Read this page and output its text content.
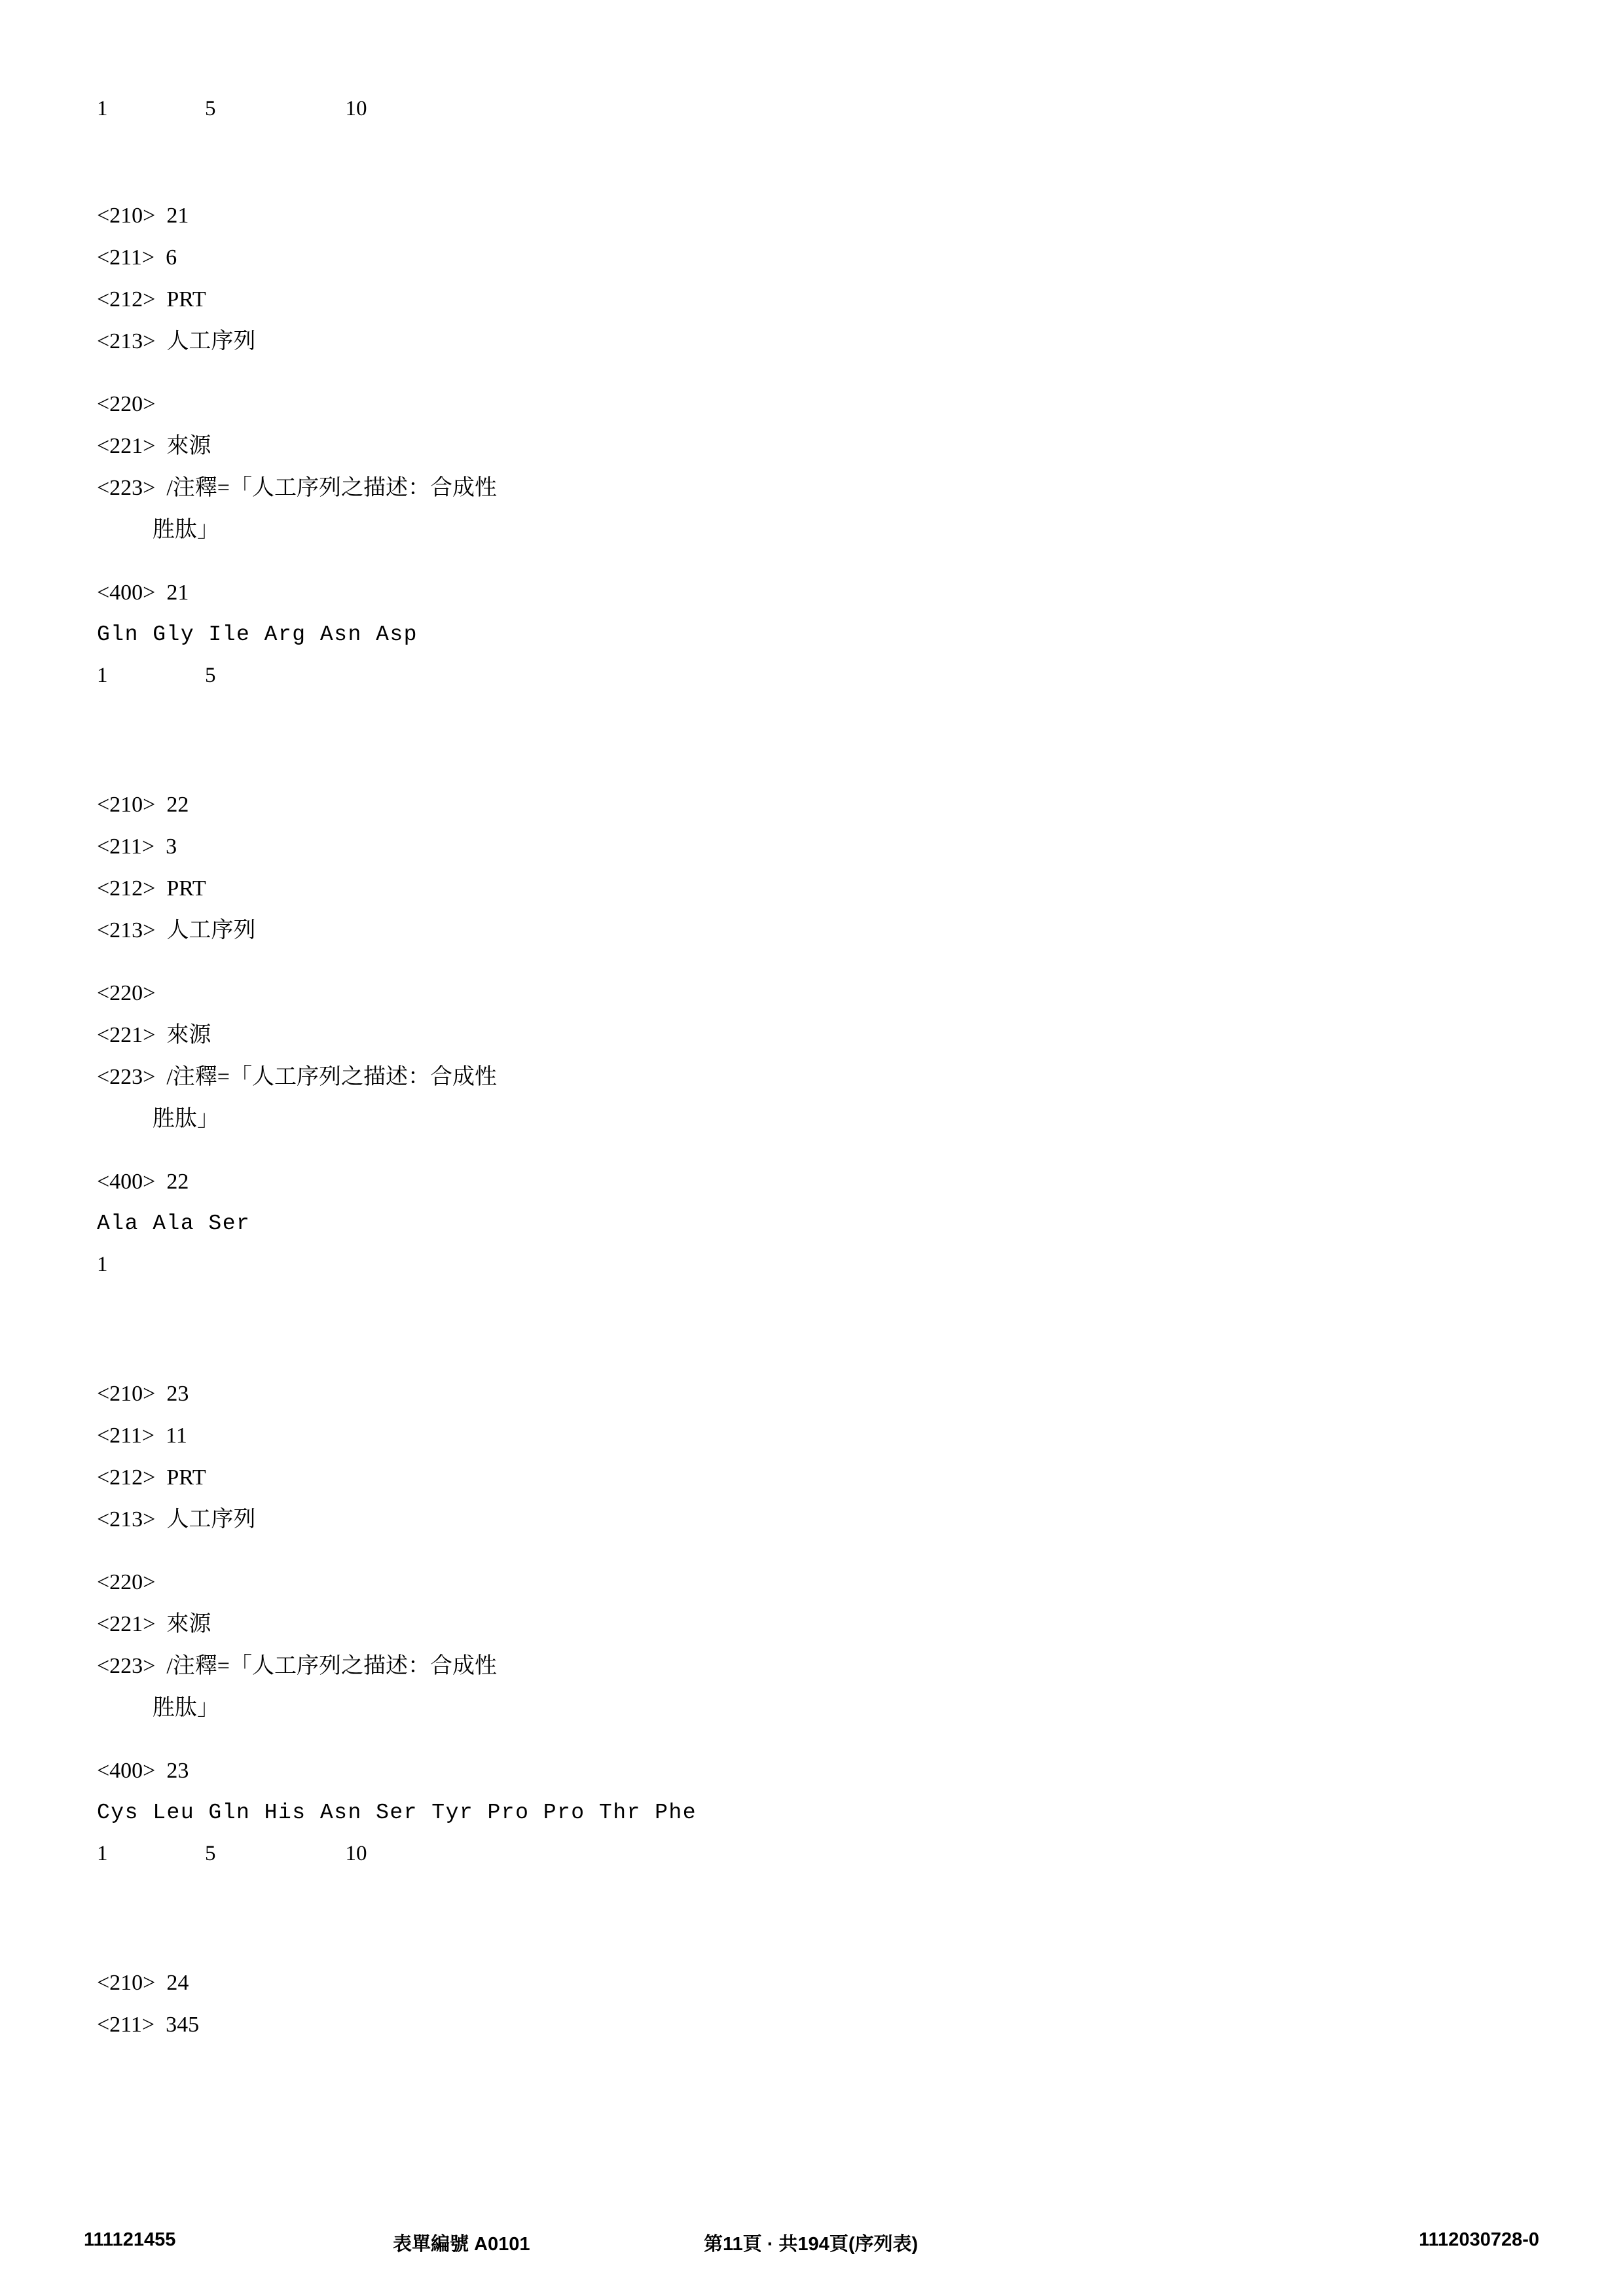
1                  5                        10
<210> 21
<211> 6
<212> PRT
<213> 人工序列
<220>
<221> 來源
<223> /注釋=「人工序列之描述：合成性
胜肽」
<400> 21
Gln Gly Ile Arg Asn Asp
1                  5
<210> 22
<211> 3
<212> PRT
<213> 人工序列
<220>
<221> 來源
<223> /注釋=「人工序列之描述：合成性
胜肽」
<400> 22
Ala Ala Ser
1
<210> 23
<211> 11
<212> PRT
<213> 人工序列
<220>
<221> 來源
<223> /注釋=「人工序列之描述：合成性
胜肽」
<400> 23
Cys Leu Gln His Asn Ser Tyr Pro Pro Thr Phe
1                  5                        10
<210> 24
<211> 345
111121455	表單編號 A0101	第11頁 · 共194頁(序列表)	1112030728-0
